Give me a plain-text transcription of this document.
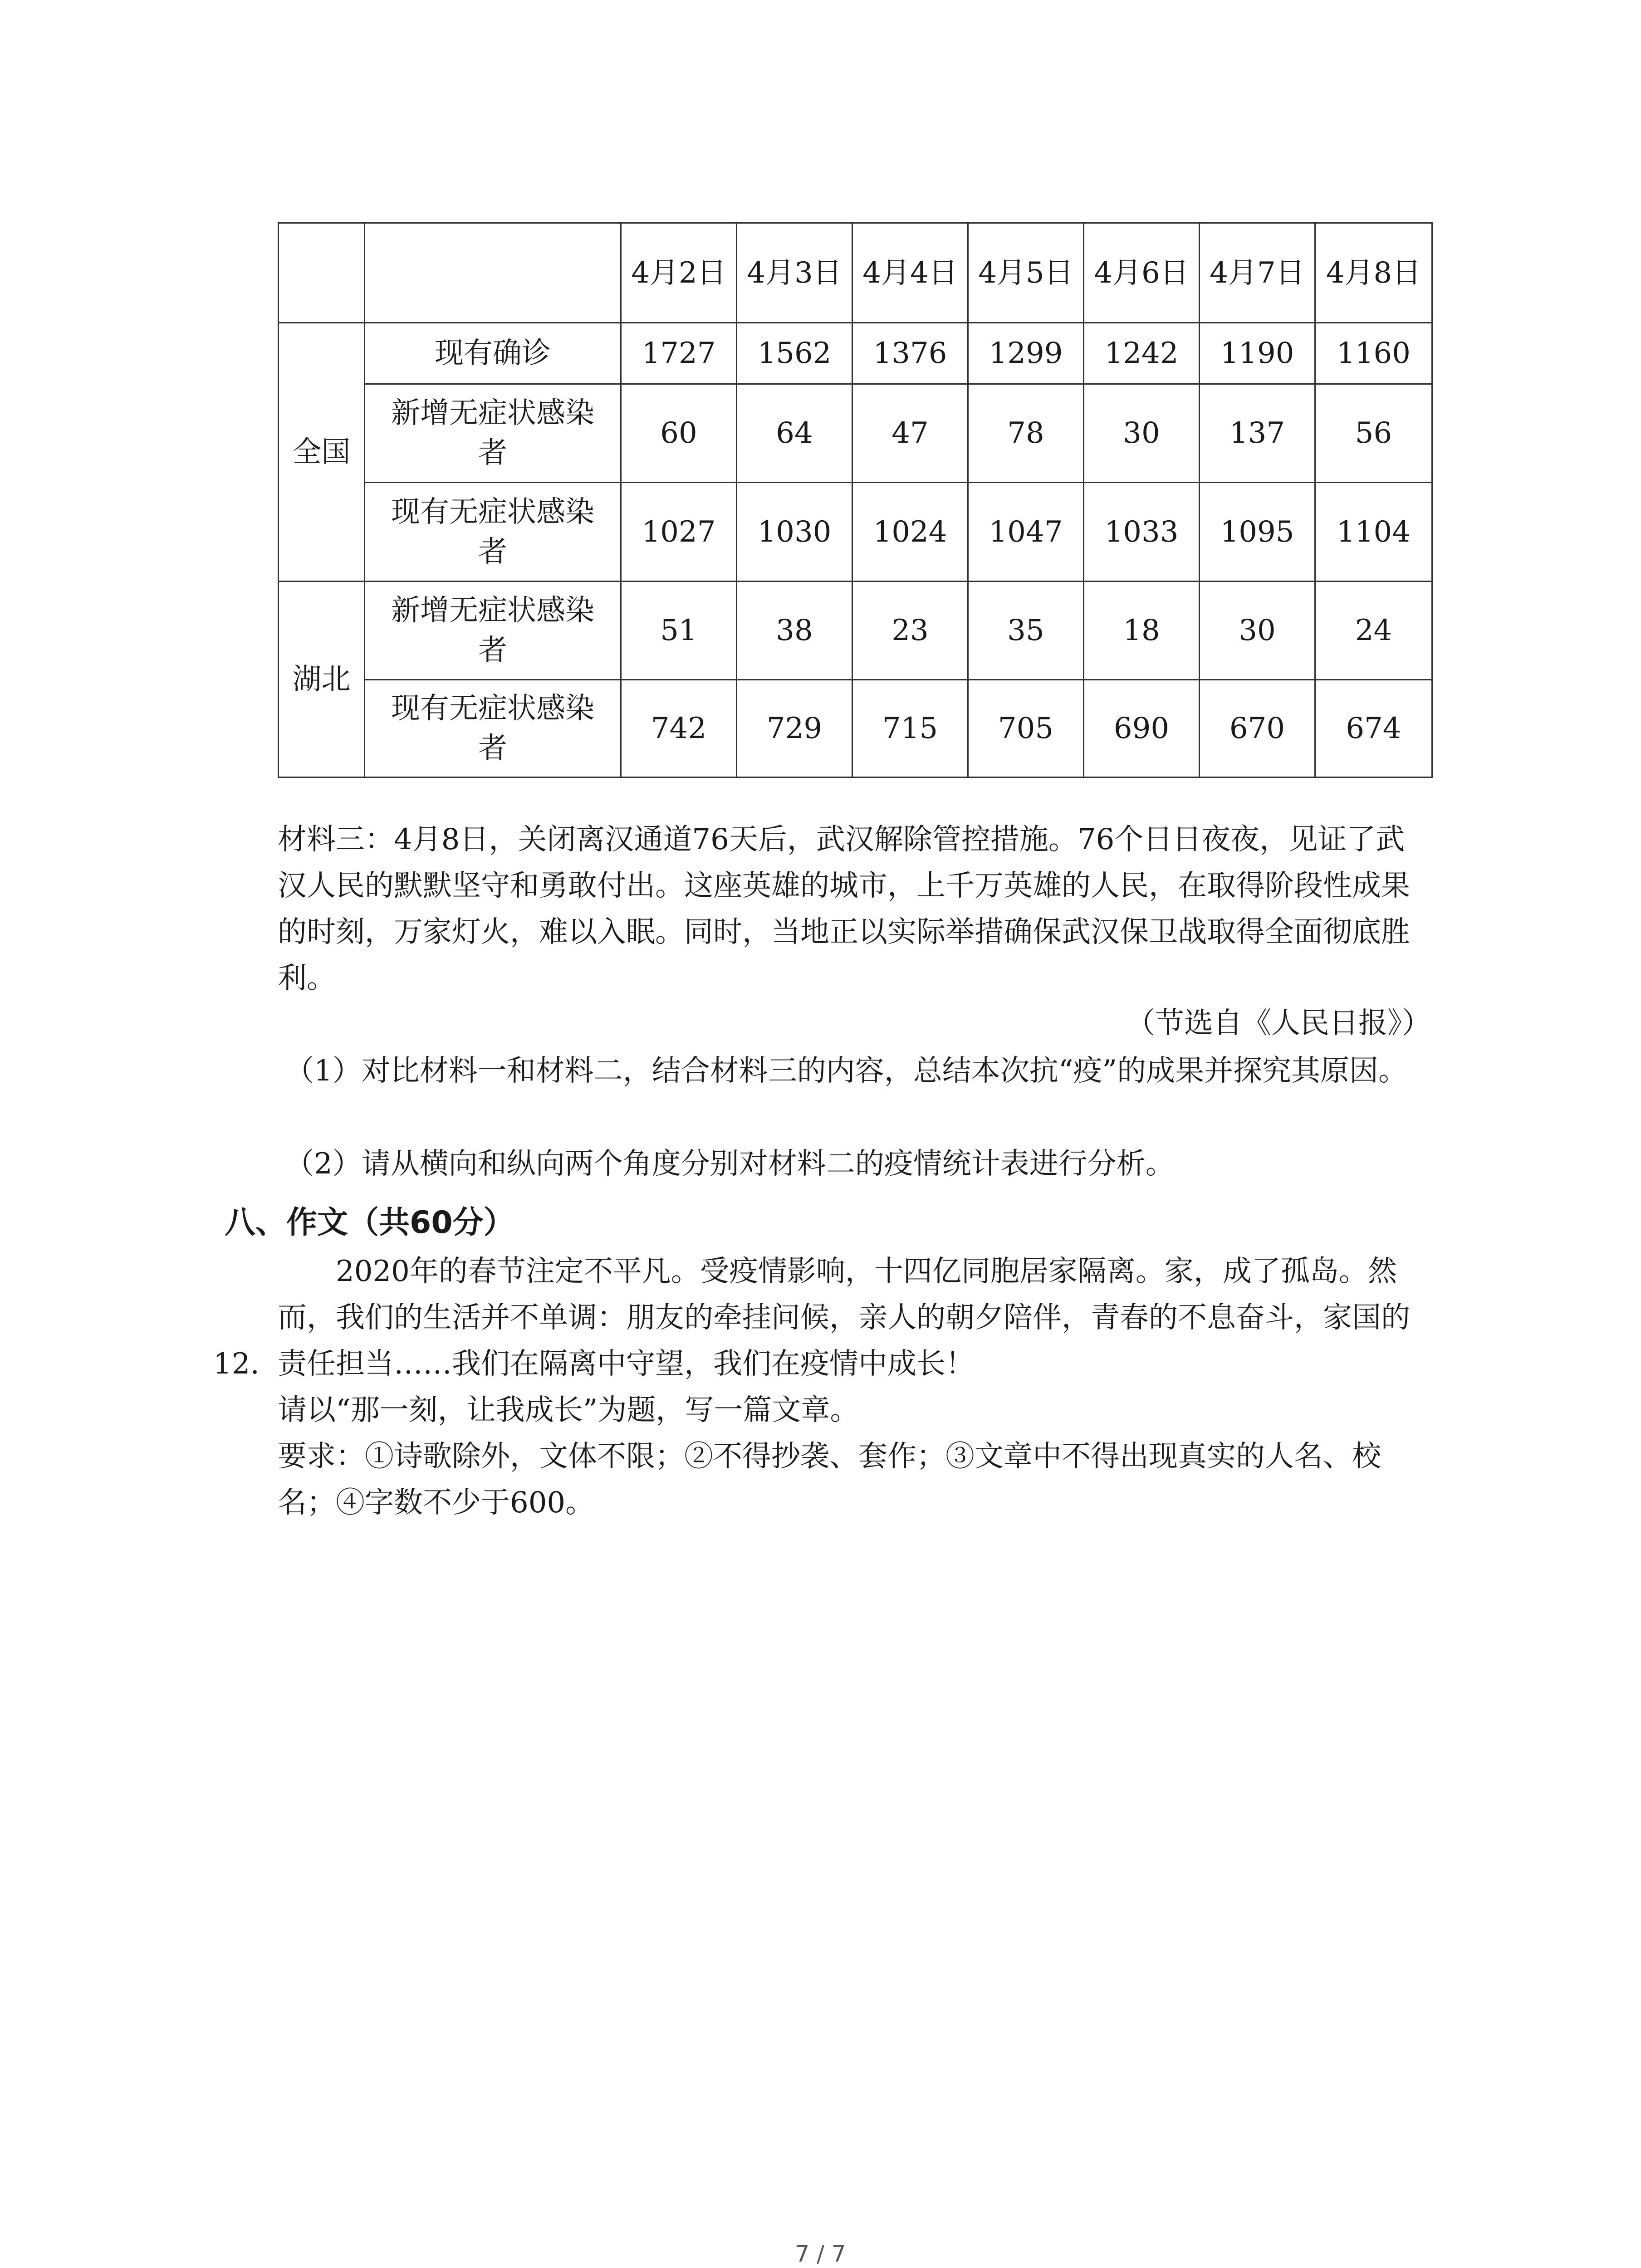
		4月2日	4月3日	4月4日	4月5日	4月6日	4月7日	4月8日
全国	现有确诊	1727	1562	1376	1299	1242	1190	1160
	新增无症状感染者	60	64	47	78	30	137	56
	现有无症状感染者	1027	1030	1024	1047	1033	1095	1104
湖北	新增无症状感染者	51	38	23	35	18	30	24
	现有无症状感染者	742	729	715	705	690	670	674
材料三：4月8日，关闭离汉通道76天后，武汉解除管控措施。76个日日夜夜，见证了武汉人民的默默坚守和勇敢付出。这座英雄的城市，上千万英雄的人民，在取得阶段性成果的时刻，万家灯火，难以入眠。同时，当地正以实际举措确保武汉保卫战取得全面彻底胜利。
（节选自《人民日报》）
（1）对比材料一和材料二，结合材料三的内容，总结本次抗“疫”的成果并探究其原因。
（2）请从横向和纵向两个角度分别对材料二的疫情统计表进行分析。
八、作文（共60分）
2020年的春节注定不平凡。受疫情影响，十四亿同胞居家隔离。家，成了孤岛。然而，我们的生活并不单调：朋友的牵挂问候，亲人的朝夕陪伴，青春的不息奋斗，家国的责任担当……我们在隔离中守望，我们在疫情中成长！
12.
请以“那一刻，让我成长”为题，写一篇文章。
要求：①诗歌除外，文体不限；②不得抄袭、套作；③文章中不得出现真实的人名、校名；④字数不少于600。
7 / 7
